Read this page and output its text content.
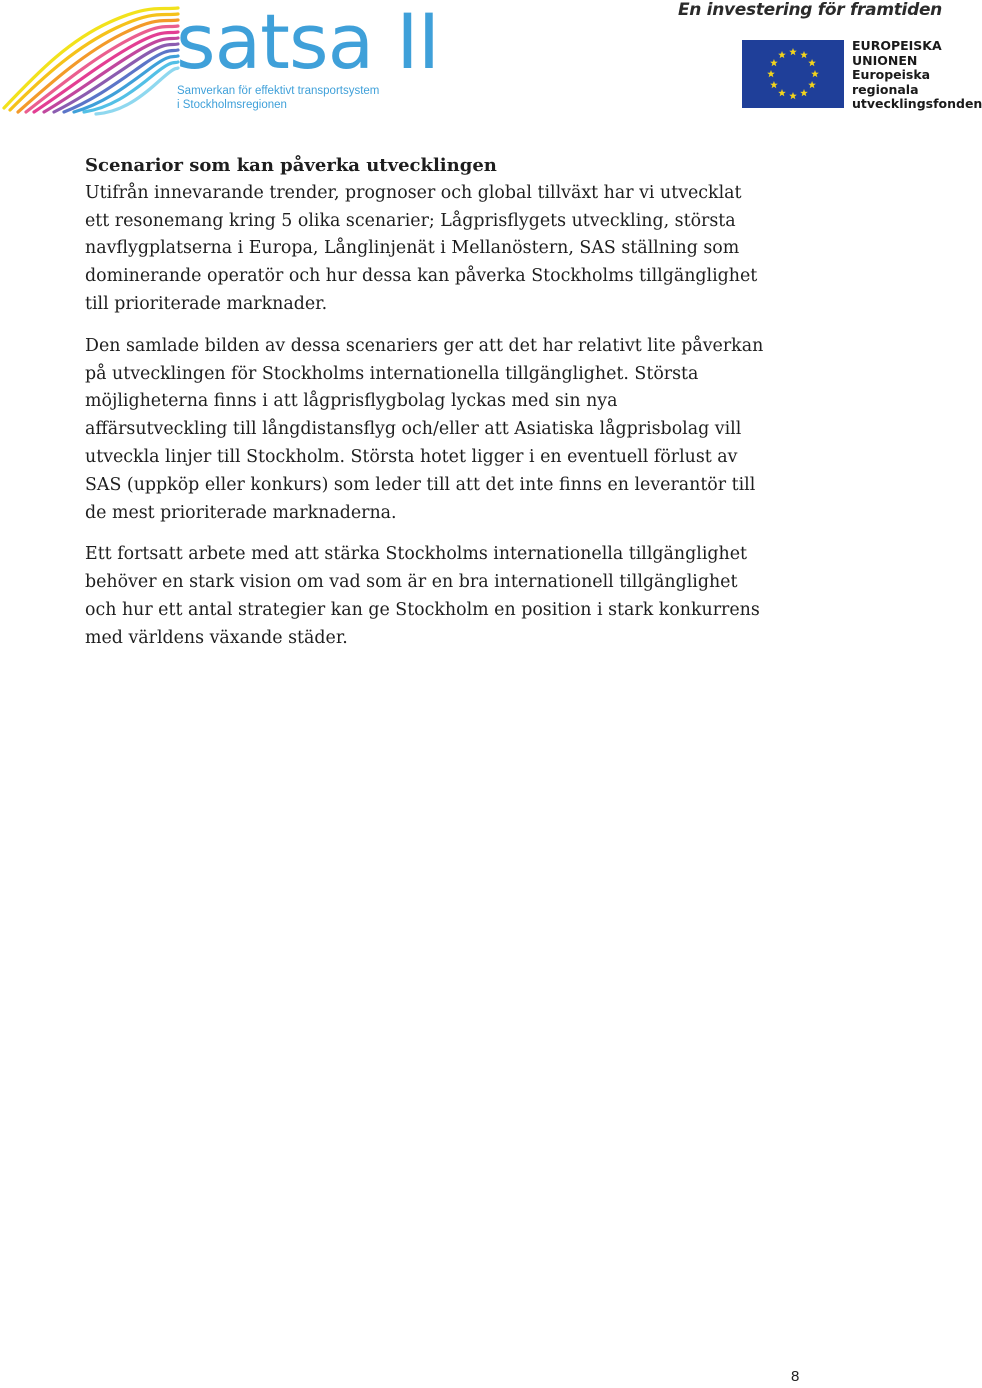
satsa II
Samverkan för effektivt transportsystem
i Stockholmsregionen
En investering för framtiden
EUROPEISKA
UNIONEN
Europeiska
regionala
utvecklingsfonden
Scenarior som kan påverka utvecklingen

Utifrån innevarande trender, prognoser och global tillväxt har vi utvecklat
ett resonemang kring 5 olika scenarier; Lågprisflygets utveckling, största
navflygplatserna i Europa, Långlinjenät i Mellanöstern, SAS ställning som
dominerande operatör och hur dessa kan påverka Stockholms tillgänglighet
till prioriterade marknader.

Den samlade bilden av dessa scenariers ger att det har relativt lite påverkan
på utvecklingen för Stockholms internationella tillgänglighet. Största
möjligheterna finns i att lågprisflygbolag lyckas med sin nya
affärsutveckling till långdistansflyg och/eller att Asiatiska lågprisbolag vill
utveckla linjer till Stockholm. Största hotet ligger i en eventuell förlust av
SAS (uppköp eller konkurs) som leder till att det inte finns en leverantör till
de mest prioriterade marknaderna.

Ett fortsatt arbete med att stärka Stockholms internationella tillgänglighet
behöver en stark vision om vad som är en bra internationell tillgänglighet
och hur ett antal strategier kan ge Stockholm en position i stark konkurrens
med världens växande städer.

8
